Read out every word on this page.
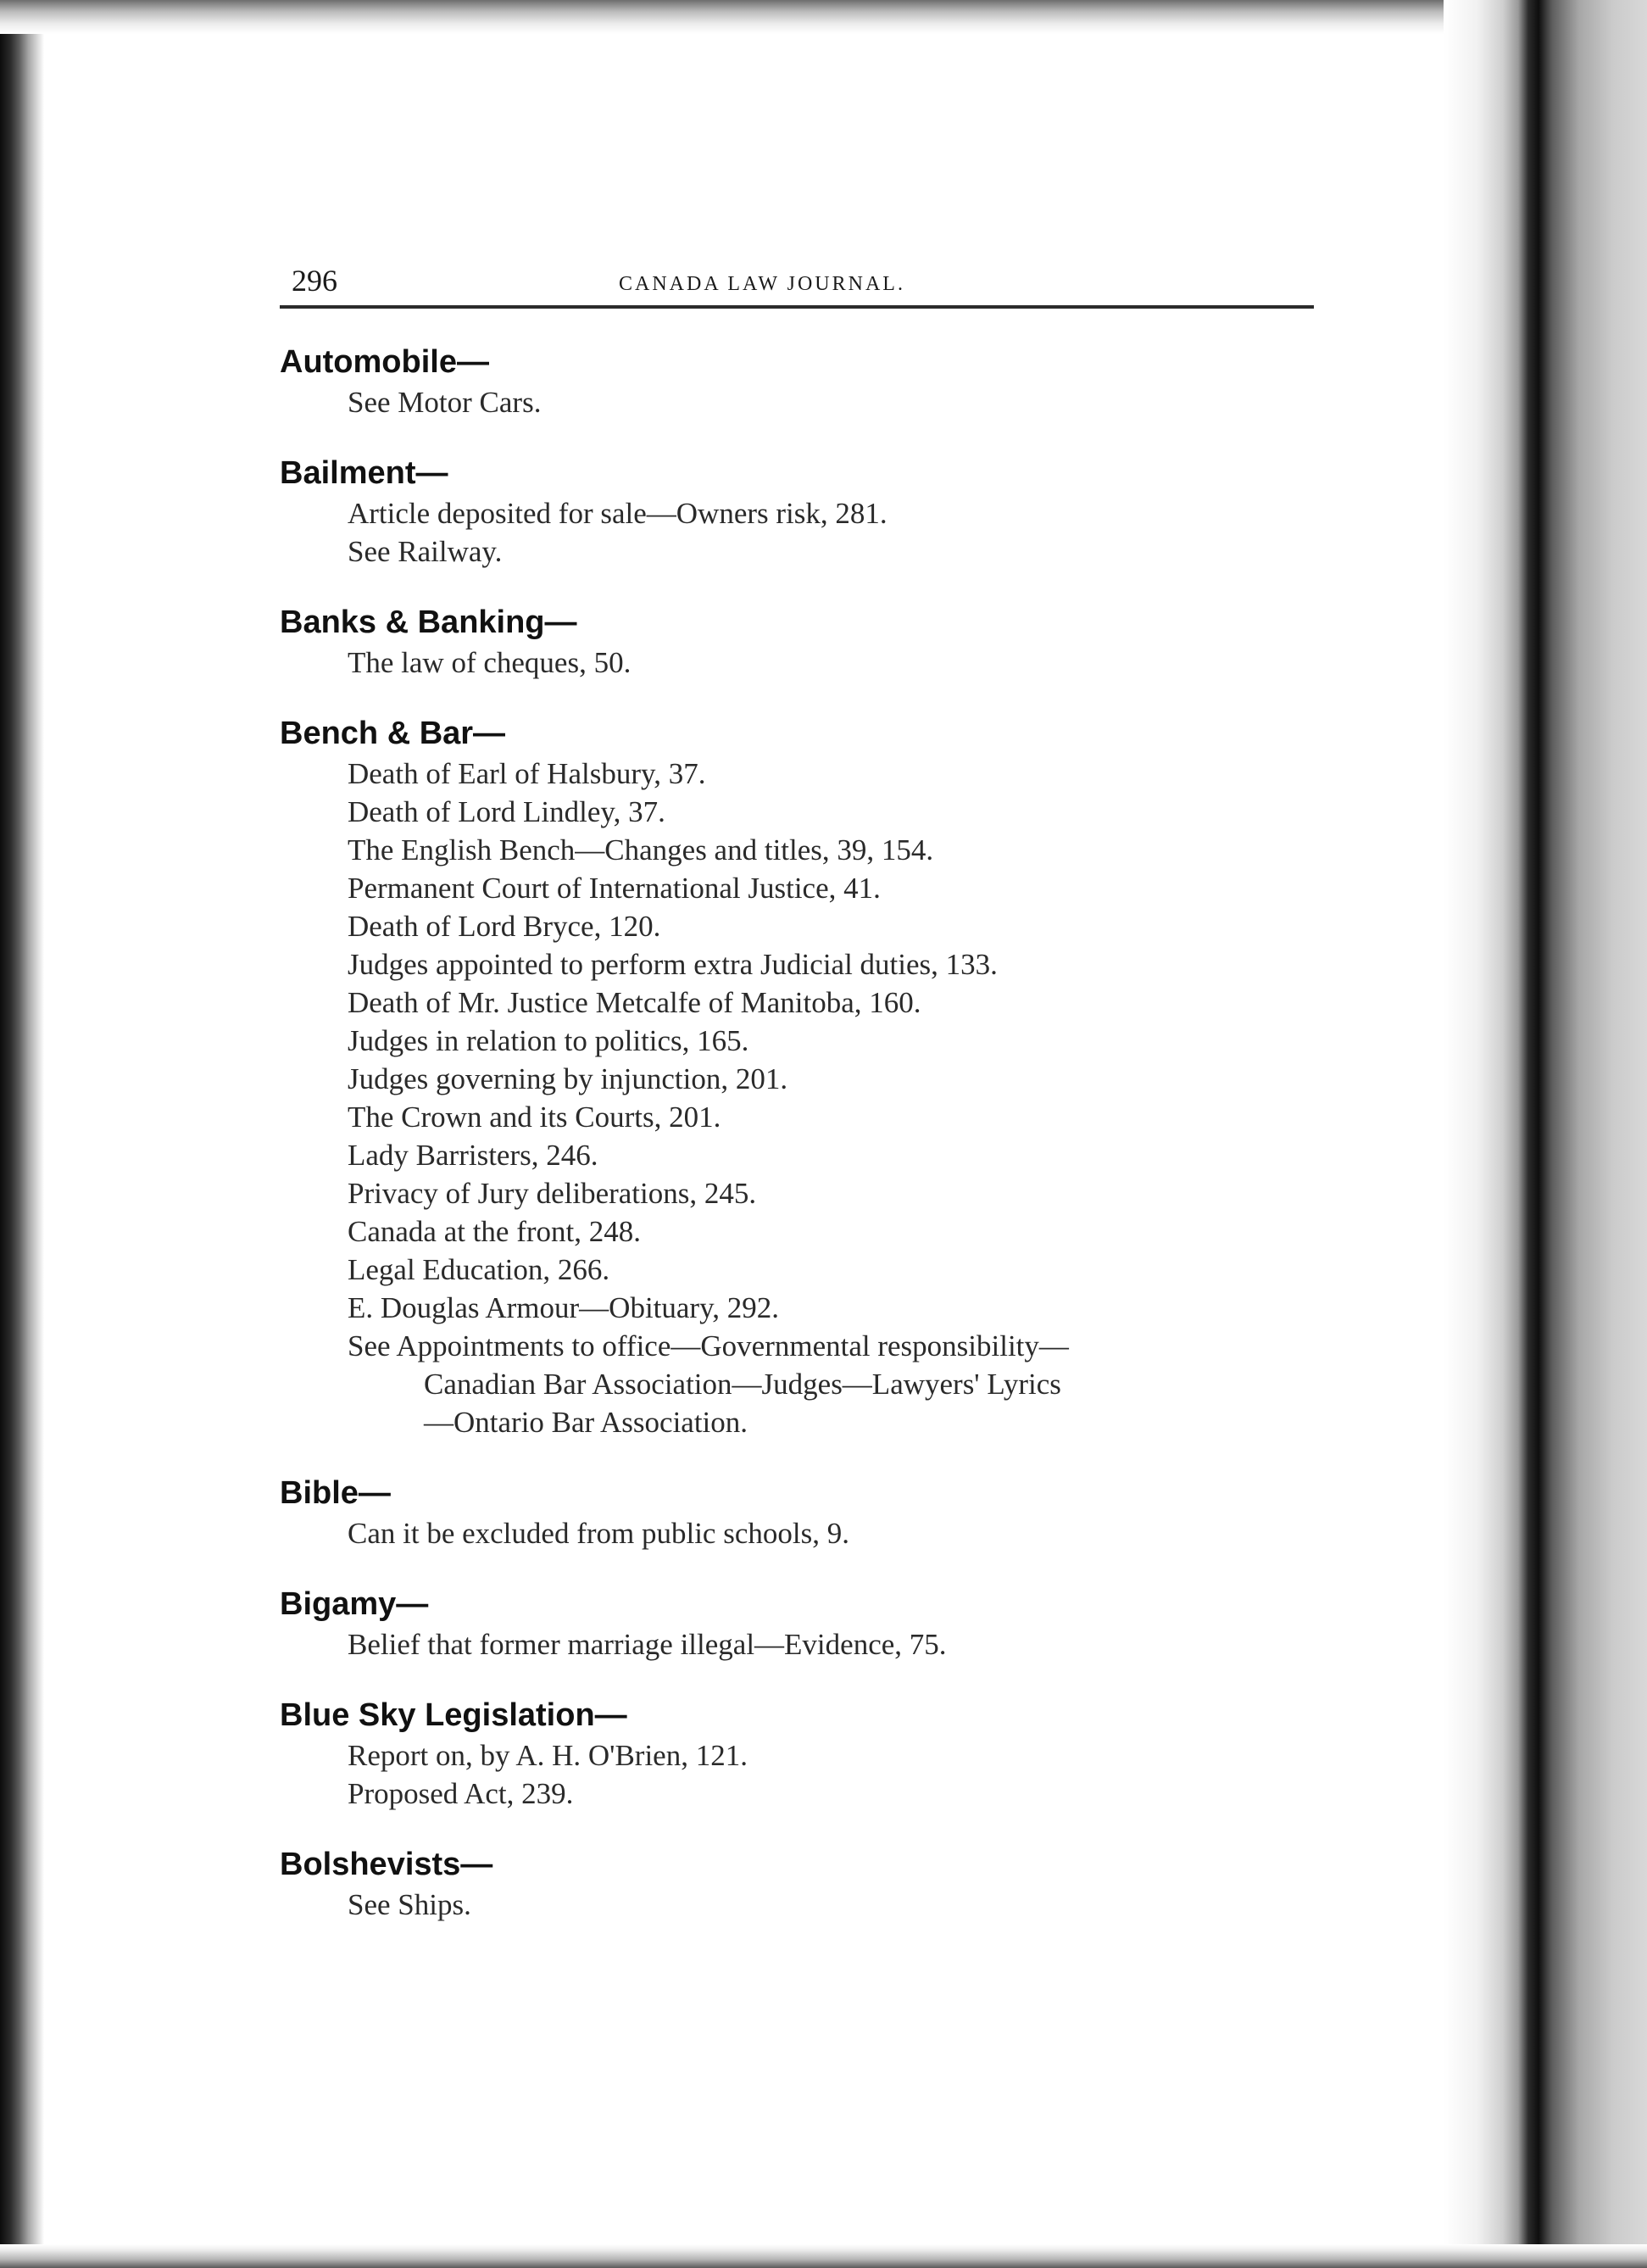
296	CANADA LAW JOURNAL.
Automobile—
See Motor Cars.
Bailment—
Article deposited for sale—Owners risk, 281.
See Railway.
Banks & Banking—
The law of cheques, 50.
Bench & Bar—
Death of Earl of Halsbury, 37.
Death of Lord Lindley, 37.
The English Bench—Changes and titles, 39, 154.
Permanent Court of International Justice, 41.
Death of Lord Bryce, 120.
Judges appointed to perform extra Judicial duties, 133.
Death of Mr. Justice Metcalfe of Manitoba, 160.
Judges in relation to politics, 165.
Judges governing by injunction, 201.
The Crown and its Courts, 201.
Lady Barristers, 246.
Privacy of Jury deliberations, 245.
Canada at the front, 248.
Legal Education, 266.
E. Douglas Armour—Obituary, 292.
See Appointments to office—Governmental responsibility—
Canadian Bar Association—Judges—Lawyers' Lyrics
—Ontario Bar Association.
Bible—
Can it be excluded from public schools, 9.
Bigamy—
Belief that former marriage illegal—Evidence, 75.
Blue Sky Legislation—
Report on, by A. H. O'Brien, 121.
Proposed Act, 239.
Bolshevists—
See Ships.
